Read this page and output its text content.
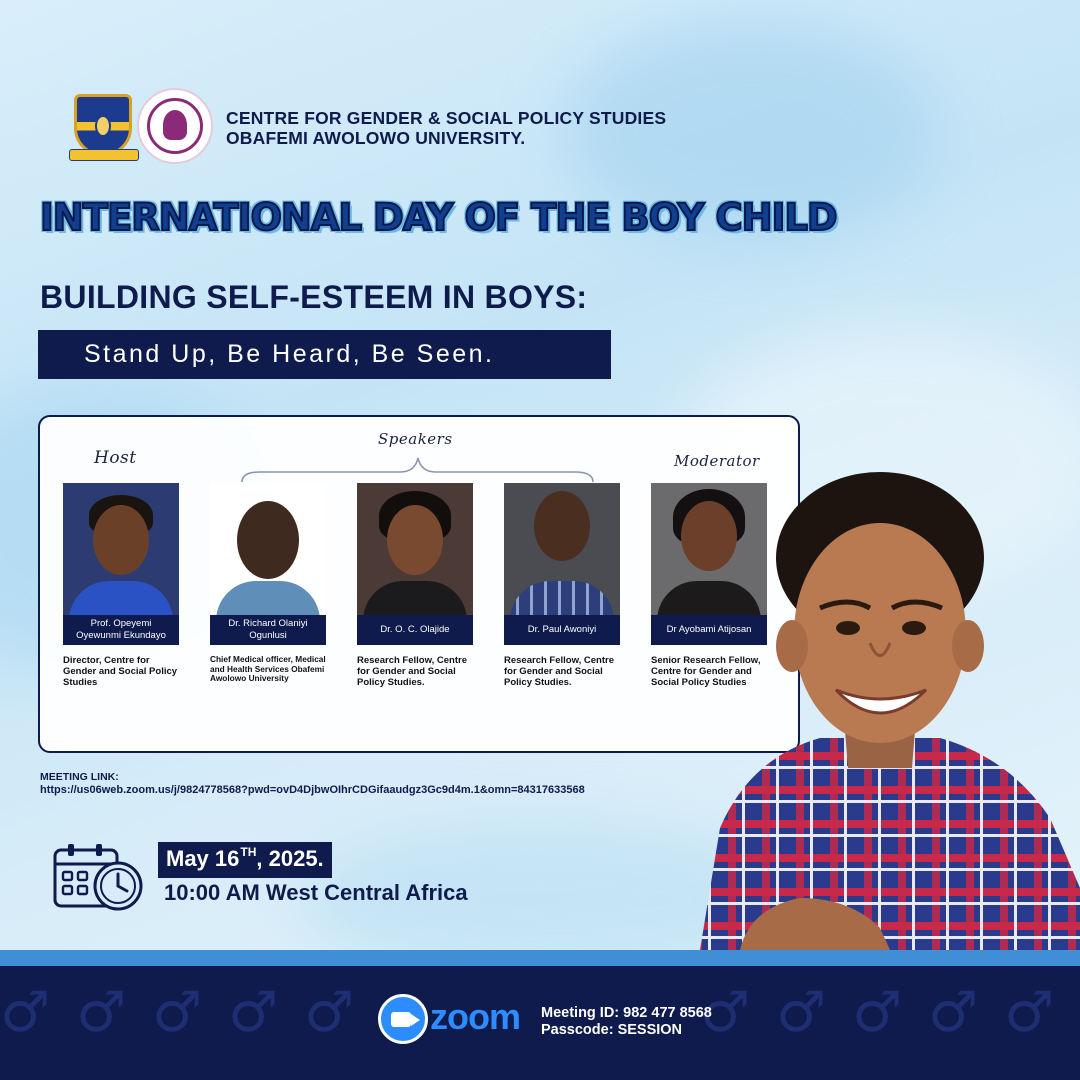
CENTRE FOR GENDER & SOCIAL POLICY STUDIES
OBAFEMI AWOLOWO UNIVERSITY.
INTERNATIONAL DAY OF THE BOY CHILD
BUILDING SELF-ESTEEM IN BOYS:
Stand Up, Be Heard, Be Seen.
Host
Speakers
Moderator
Prof. Opeyemi Oyewunmi Ekundayo
Director, Centre for Gender and Social Policy Studies
Dr. Richard Olaniyi Ogunlusi
Chief Medical officer, Medical and Health Services Obafemi Awolowo University
Dr. O. C. Olajide
Research Fellow, Centre for Gender and Social Policy Studies.
Dr. Paul Awoniyi
Research Fellow, Centre for Gender and Social Policy Studies.
Dr Ayobami Atijosan
Senior Research Fellow, Centre for Gender and Social Policy Studies
MEETING LINK:
https://us06web.zoom.us/j/9824778568?pwd=ovD4DjbwOIhrCDGifaaudgz3Gc9d4m.1&omn=84317633568
May 16TH , 2025.
10:00 AM West Central Africa
♂ ♂ ♂ ♂ ♂	♂ ♂ ♂ ♂ ♂
zoom Meeting ID: 982 477 8568
Passcode: SESSION
